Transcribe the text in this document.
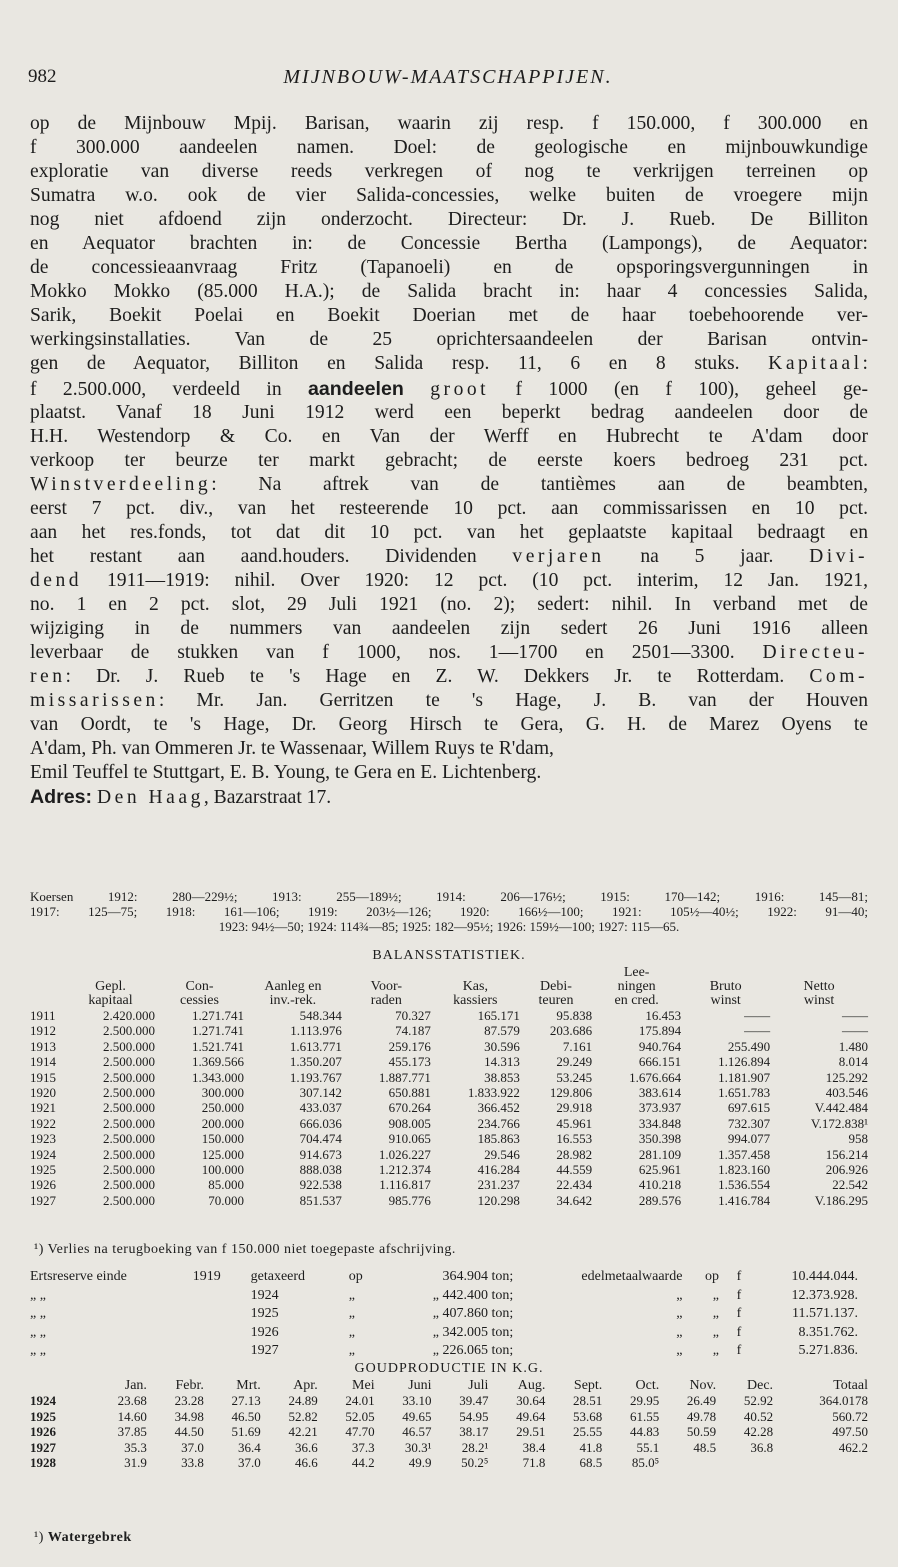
982	MIJNBOUW-MAATSCHAPPIJEN.
op de Mijnbouw Mpij. Barisan, waarin zij resp. f 150.000, f 300.000 en
f 300.000 aandeelen namen. Doel: de geologische en mijnbouwkundige
exploratie van diverse reeds verkregen of nog te verkrijgen terreinen op
Sumatra w.o. ook de vier Salida-concessies, welke buiten de vroegere mijn
nog niet afdoend zijn onderzocht. Directeur: Dr. J. Rueb. De Billiton
en Aequator brachten in: de Concessie Bertha (Lampongs), de Aequator:
de concessieaanvraag Fritz (Tapanoeli) en de opsporingsvergunningen in
Mokko Mokko (85.000 H.A.); de Salida bracht in: haar 4 concessies Salida,
Sarik, Boekit Poelai en Boekit Doerian met de haar toebehoorende ver-
werkingsinstallaties. Van de 25 oprichtersaandeelen der Barisan ontvin-
gen de Aequator, Billiton en Salida resp. 11, 6 en 8 stuks. Kapitaal:
f 2.500.000, verdeeld in aandeelen groot f 1000 (en f 100), geheel ge-
plaatst. Vanaf 18 Juni 1912 werd een beperkt bedrag aandeelen door de
H.H. Westendorp & Co. en Van der Werff en Hubrecht te A'dam door
verkoop ter beurze ter markt gebracht; de eerste koers bedroeg 231 pct.
Winstverdeeling: Na aftrek van de tantièmes aan de beambten,
eerst 7 pct. div., van het resteerende 10 pct. aan commissarissen en 10 pct.
aan het res.fonds, tot dat dit 10 pct. van het geplaatste kapitaal bedraagt en
het restant aan aand.houders. Dividenden verjaren na 5 jaar. Divi-
dend 1911—1919: nihil. Over 1920: 12 pct. (10 pct. interim, 12 Jan. 1921,
no. 1 en 2 pct. slot, 29 Juli 1921 (no. 2); sedert: nihil. In verband met de
wijziging in de nummers van aandeelen zijn sedert 26 Juni 1916 alleen
leverbaar de stukken van f 1000, nos. 1—1700 en 2501—3300. Directeu-
ren: Dr. J. Rueb te 's Hage en Z. W. Dekkers Jr. te Rotterdam. Com-
missarissen: Mr. Jan. Gerritzen te 's Hage, J. B. van der Houven
van Oordt, te 's Hage, Dr. Georg Hirsch te Gera, G. H. de Marez Oyens te
A'dam, Ph. van Ommeren Jr. te Wassenaar, Willem Ruys te R'dam,
Emil Teuffel te Stuttgart, E. B. Young, te Gera en E. Lichtenberg.
Adres: Den Haag, Bazarstraat 17.
Koersen 1912: 280—229½; 1913: 255—189½; 1914: 206—176½; 1915: 170—142; 1916: 145—81;
1917: 125—75; 1918: 161—106; 1919: 203½—126; 1920: 166½—100; 1921: 105½—40½; 1922: 91—40;
1923: 94½—50; 1924: 114¾—85; 1925: 182—95½; 1926: 159½—100; 1927: 115—65.
BALANSSTATISTIEK.
							Lee-		
	Gepl.	Con-	Aanleg en	Voor-	Kas,	Debi-	ningen	Bruto	Netto
	kapitaal	cessies	inv.-rek.	raden	kassiers	teuren	en cred.	winst	winst
1911	2.420.000	1.271.741	548.344	70.327	165.171	95.838	16.453	——	——
1912	2.500.000	1.271.741	1.113.976	74.187	87.579	203.686	175.894	——	——
1913	2.500.000	1.521.741	1.613.771	259.176	30.596	7.161	940.764	255.490	1.480
1914	2.500.000	1.369.566	1.350.207	455.173	14.313	29.249	666.151	1.126.894	8.014
1915	2.500.000	1.343.000	1.193.767	1.887.771	38.853	53.245	1.676.664	1.181.907	125.292
1920	2.500.000	300.000	307.142	650.881	1.833.922	129.806	383.614	1.651.783	403.546
1921	2.500.000	250.000	433.037	670.264	366.452	29.918	373.937	697.615	V.442.484
1922	2.500.000	200.000	666.036	908.005	234.766	45.961	334.848	732.307	V.172.838¹
1923	2.500.000	150.000	704.474	910.065	185.863	16.553	350.398	994.077	958
1924	2.500.000	125.000	914.673	1.026.227	29.546	28.982	281.109	1.357.458	156.214
1925	2.500.000	100.000	888.038	1.212.374	416.284	44.559	625.961	1.823.160	206.926
1926	2.500.000	85.000	922.538	1.116.817	231.237	22.434	410.218	1.536.554	22.542
1927	2.500.000	70.000	851.537	985.776	120.298	34.642	289.576	1.416.784	V.186.295
¹) Verlies na terugboeking van f 150.000 niet toegepaste afschrijving.
Ertsreserve einde	1919	getaxeerd	op	364.904 ton;	edelmetaalwaarde	op	f	10.444.044.
„ „		1924	„	„ 442.400 ton;	„	„	f	12.373.928.
„ „		1925	„	„ 407.860 ton;	„	„	f	11.571.137.
„ „		1926	„	„ 342.005 ton;	„	„	f	8.351.762.
„ „		1927	„	„ 226.065 ton;	„	„	f	5.271.836.
GOUDPRODUCTIE IN K.G.
	Jan.	Febr.	Mrt.	Apr.	Mei	Juni	Juli	Aug.	Sept.	Oct.	Nov.	Dec.	Totaal
1924	23.68	23.28	27.13	24.89	24.01	33.10	39.47	30.64	28.51	29.95	26.49	52.92	364.0178
1925	14.60	34.98	46.50	52.82	52.05	49.65	54.95	49.64	53.68	61.55	49.78	40.52	560.72
1926	37.85	44.50	51.69	42.21	47.70	46.57	38.17	29.51	25.55	44.83	50.59	42.28	497.50
1927	35.3	37.0	36.4	36.6	37.3	30.3¹	28.2¹	38.4	41.8	55.1	48.5	36.8	462.2
1928	31.9	33.8	37.0	46.6	44.2	49.9	50.2⁵	71.8	68.5	85.0⁵			
¹) Watergebrek
